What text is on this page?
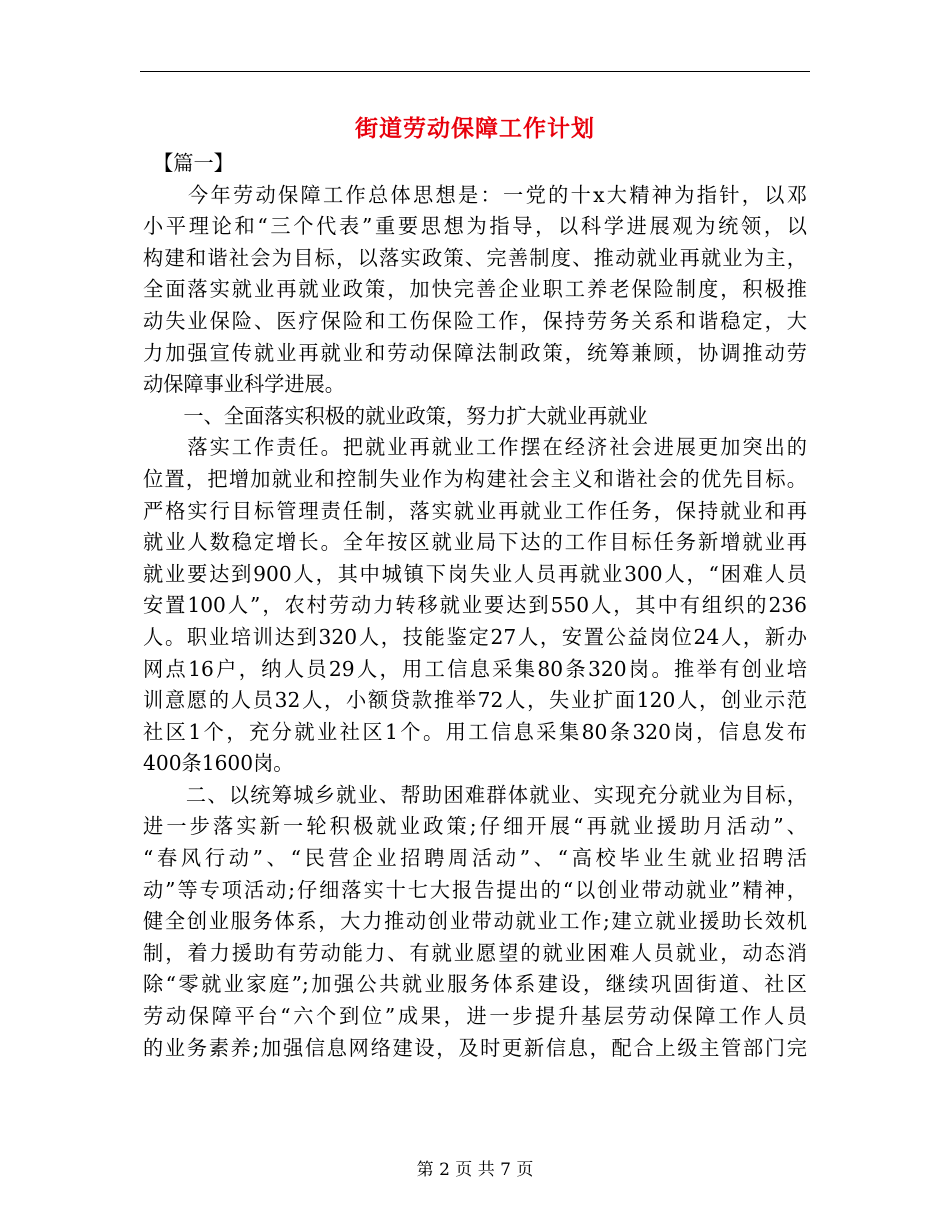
街道劳动保障工作计划
　【篇一】
　　今年劳动保障工作总体思想是：一党的十x大精神为指针，以邓
小平理论和“三个代表”重要思想为指导，以科学进展观为统领，以
构建和谐社会为目标，以落实政策、完善制度、推动就业再就业为主，
全面落实就业再就业政策，加快完善企业职工养老保险制度，积极推
动失业保险、医疗保险和工伤保险工作，保持劳务关系和谐稳定，大
力加强宣传就业再就业和劳动保障法制政策，统筹兼顾，协调推动劳
动保障事业科学进展。
　　一、全面落实积极的就业政策，努力扩大就业再就业
　　落实工作责任。把就业再就业工作摆在经济社会进展更加突出的
位置，把增加就业和控制失业作为构建社会主义和谐社会的优先目标。
严格实行目标管理责任制，落实就业再就业工作任务，保持就业和再
就业人数稳定增长。全年按区就业局下达的工作目标任务新增就业再
就业要达到900人，其中城镇下岗失业人员再就业300人，“困难人员
安置100人”，农村劳动力转移就业要达到550人，其中有组织的236
人。职业培训达到320人，技能鉴定27人，安置公益岗位24人，新办
网点16户，纳人员29人，用工信息采集80条320岗。推举有创业培
训意愿的人员32人，小额贷款推举72人，失业扩面120人，创业示范
社区1个，充分就业社区1个。用工信息采集80条320岗，信息发布
400条1600岗。
　　二、以统筹城乡就业、帮助困难群体就业、实现充分就业为目标，
进一步落实新一轮积极就业政策;仔细开展“再就业援助月活动”、
“春风行动”、“民营企业招聘周活动”、“高校毕业生就业招聘活
动”等专项活动;仔细落实十七大报告提出的“以创业带动就业”精神，
健全创业服务体系，大力推动创业带动就业工作;建立就业援助长效机
制，着力援助有劳动能力、有就业愿望的就业困难人员就业，动态消
除“零就业家庭”;加强公共就业服务体系建设，继续巩固街道、社区
劳动保障平台“六个到位”成果，进一步提升基层劳动保障工作人员
的业务素养;加强信息网络建设，及时更新信息，配合上级主管部门完
第 2 页 共 7 页
